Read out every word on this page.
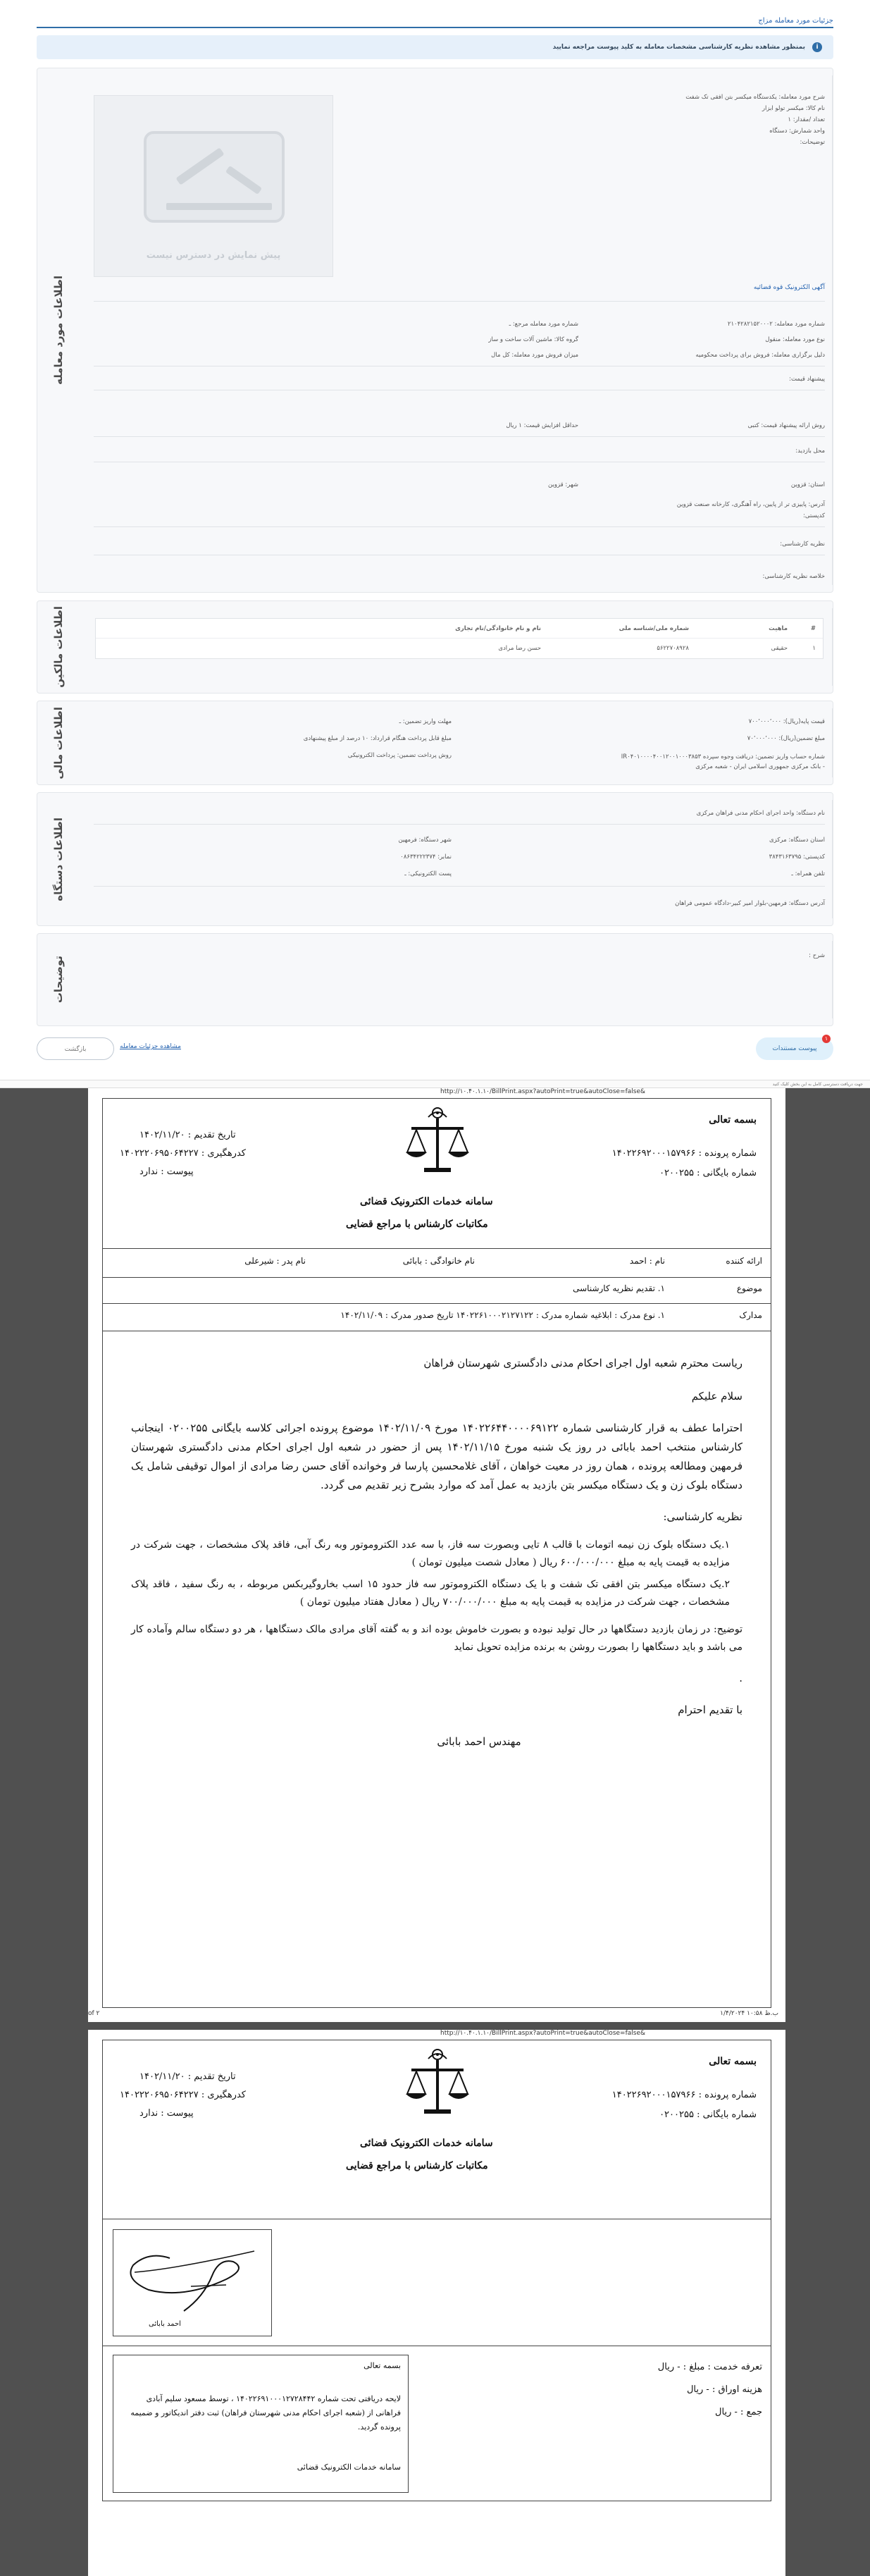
جزئیات مورد معامله مزاج
i
بمنظور مشاهده نظریه کارشناسی مشخصات معامله به کلید پیوست مراجعه نمایید
شرح مورد معامله: یکدستگاه میکسر بتن افقی تک شفت
نام کالا: میکسر تولو ابزار
تعداد /مقدار: ۱
واحد شمارش: دستگاه
توضیحات:
پیش نمایش در دسترس نیست
آگهی الکترونیک قوه قضائیه
شماره مورد معامله: ۲۱۰۴۲۸۲۱۵۲۰۰۰۲
شماره مورد معامله مرجع: ـ
نوع مورد معامله: منقول
گروه کالا: ماشین آلات ساخت و ساز
دلیل برگزاری معامله: فروش برای پرداخت محکومیه
میزان فروش مورد معامله: کل مال
پیشنهاد قیمت:
روش ارائه پیشنهاد قیمت: کتبی
حداقل افزایش قیمت: ۱ ریال
محل بازدید:
استان: قزوین
شهر: قزوین
آدرس: پاییزی تر از پایین، راه آهنگری، کارخانه صنعت قزوین
کدپستی:
نظریه کارشناسی:
خلاصه نظریه کارشناسی:
اطلاعات مورد معامله
#
ماهیت
شماره ملی/شناسه ملی
نام و نام خانوادگی/نام تجاری
۱
حقیقی
۵۶۲۲۷۰۸۹۲۸
حسن رضا مرادی
اطلاعات مالکین
قیمت پایه(ریال): ۷۰۰٬۰۰۰٬۰۰۰
مهلت واریز تضمین: ـ
مبلغ تضمین(ریال): ۷۰٬۰۰۰٬۰۰۰
مبلغ قابل پرداخت هنگام قرارداد: ۱۰ درصد از مبلغ پیشنهادی
شماره حساب واریز تضمین: دریافت وجوه سپرده IR۰۴۰۱۰۰۰۰۴۰۰۱۲۰۰۱۰۰۰۳۸۵۳ - بانک مرکزی جمهوری اسلامی ایران - شعبه مرکزی
روش پرداخت تضمین: پرداخت الکترونیکی
اطلاعات مالی
نام دستگاه: واحد اجرای احکام مدنی فراهان مرکزی
استان دستگاه: مرکزی
شهر دستگاه: فرمهین
کدپستی: ۳۸۴۳۱۶۳۷۹۵
نمابر: ۰۸۶۳۴۲۲۲۳۷۴
تلفن همراه: ـ
پست الکترونیکی: ـ
آدرس دستگاه: فرمهین-بلوار امیر کبیر-دادگاه عمومی فراهان
اطلاعات دستگاه
شرح :
توضیحات
پیوست مستندات
۱
مشاهده جزئیات معامله
بازگشت
جهت دریافت دسترسی کامل به این بخش کلیک کنید
http://۱۰.۴۰.۱.۱۰/BillPrint.aspx?autoPrint=true&autoClose=false&
بسمه تعالی
شماره پرونده : ۱۴۰۲۲۶۹۲۰۰۰۱۵۷۹۶۶
شماره بایگانی : ۰۲۰۰۲۵۵
تاریخ تقدیم : ۱۴۰۲/۱۱/۲۰
کدرهگیری : ۱۴۰۲۲۲۰۶۹۵۰۶۴۲۲۷
پیوست : ندارد
سامانه خدمات الکترونیک قضائی
مکاتبات کارشناس با مراجع قضایی
ارائه کننده
نام : احمد
نام خانوادگی : بابائی
نام پدر : شیرعلی
موضوع
۱. تقدیم نظریه کارشناسی
مدارک
۱. نوع مدرک : ابلاغیه شماره مدرک : ۱۴۰۲۲۶۱۰۰۰۲۱۲۷۱۲۲ تاریخ صدور مدرک : ۱۴۰۲/۱۱/۰۹
ریاست محترم شعبه اول اجرای احکام مدنی دادگستری شهرستان فراهان
سلام علیکم
احتراما عطف به قرار کارشناسی شماره ۱۴۰۲۲۶۴۴۰۰۰۰۶۹۱۲۲ مورخ ۱۴۰۲/۱۱/۰۹ موضوع پرونده اجرائی کلاسه بایگانی ۰۲۰۰۲۵۵ اینجانب کارشناس منتخب احمد بابائی در روز یک شنبه مورخ ۱۴۰۲/۱۱/۱۵ پس از حضور در شعبه اول اجرای احکام مدنی دادگستری شهرستان فرمهین ومطالعه پرونده ، همان روز در معیت خواهان ، آقای غلامحسین پارسا فر وخوانده آقای حسن رضا مرادی از اموال توقیفی شامل یک دستگاه بلوک زن و یک دستگاه میکسر بتن بازدید به عمل آمد که موارد بشرح زیر تقدیم می گردد.
نظریه کارشناسی:
۱.یک دستگاه بلوک زن نیمه اتومات با قالب ۸ تایی وبصورت سه فاز، با سه عدد الکتروموتور وبه رنگ آبی، فاقد پلاک مشخصات ، جهت شرکت در مزایده به قیمت پایه به مبلغ ۶۰۰/۰۰۰/۰۰۰ ریال ( معادل شصت میلیون تومان )
۲.یک دستگاه میکسر بتن افقی تک شفت و با یک دستگاه الکتروموتور سه فاز حدود ۱۵ اسب بخاروگیربکس مربوطه ، به رنگ سفید ، فاقد پلاک مشخصات ، جهت شرکت در مزایده به قیمت پایه به مبلغ ۷۰۰/۰۰۰/۰۰۰ ریال ( معادل هفتاد میلیون تومان )
توضیح: در زمان بازدید دستگاهها در حال تولید نبوده و بصورت خاموش بوده اند و به گفته آقای مرادی مالک دستگاهها ، هر دو دستگاه سالم وآماده کار می باشد و باید دستگاهها را بصورت روشن به برنده مزایده تحویل نماید
.
با تقدیم احترام
مهندس احمد بابائی
۱/۴/۲۰۲۴ ۱۰:۵۸ ب.ظ
of ۲
http://۱۰.۴۰.۱.۱۰/BillPrint.aspx?autoPrint=true&autoClose=false&
بسمه تعالی
شماره پرونده : ۱۴۰۲۲۶۹۲۰۰۰۱۵۷۹۶۶
شماره بایگانی : ۰۲۰۰۲۵۵
تاریخ تقدیم : ۱۴۰۲/۱۱/۲۰
کدرهگیری : ۱۴۰۲۲۲۰۶۹۵۰۶۴۲۲۷
پیوست : ندارد
سامانه خدمات الکترونیک قضائی
مکاتبات کارشناس با مراجع قضایی
احمد بابائی
تعرفه خدمت : مبلغ : - ریال
هزینه اوراق : - ریال
جمع : - ریال
بسمه تعالی
لایحه دریافتی تحت شماره ۱۴۰۲۲۶۹۱۰۰۰۱۲۷۲۸۴۴۲ ، توسط مسعود سلیم آبادی فراهانی از (شعبه اجرای احکام مدنی شهرستان فراهان) ثبت دفتر اندیکاتور و ضمیمه پرونده گردید.
سامانه خدمات الکترونیک قضائی
